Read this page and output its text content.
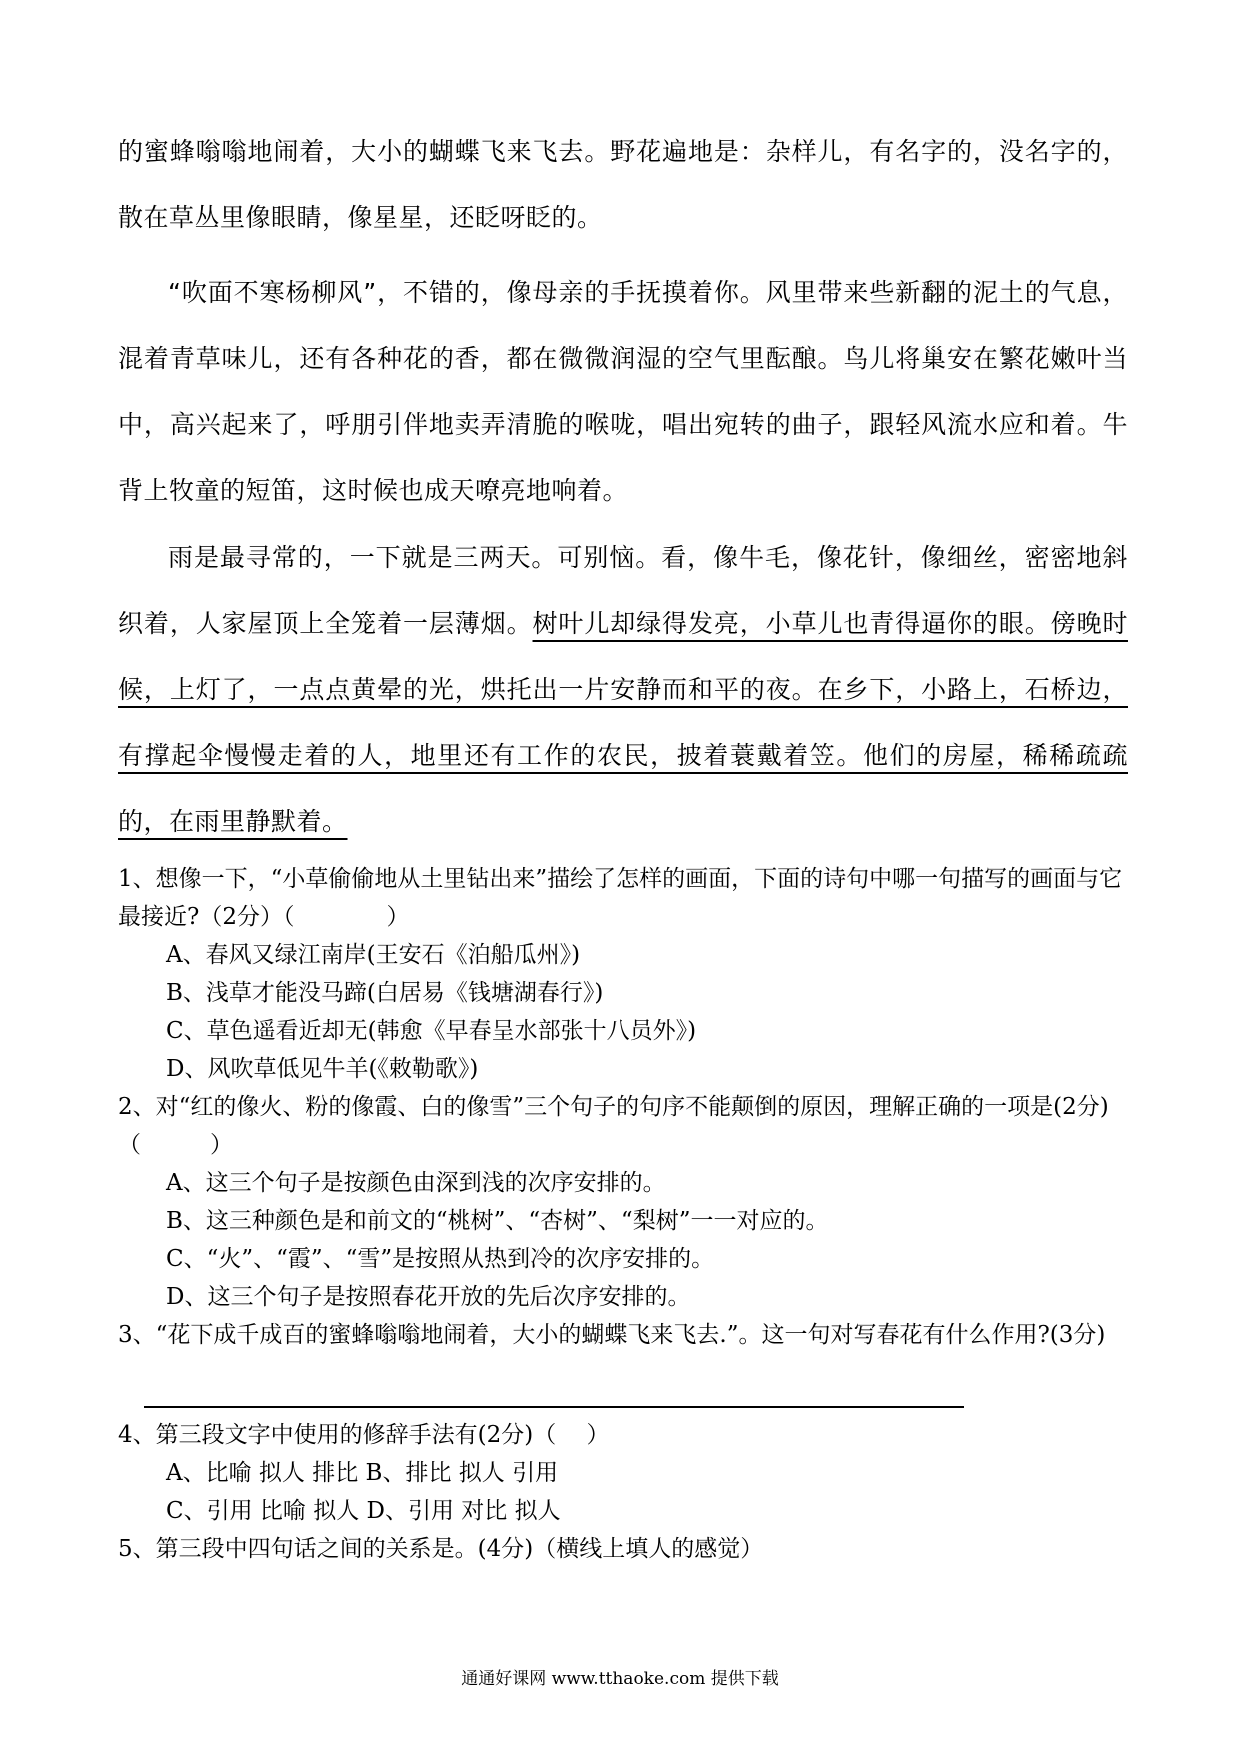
的蜜蜂嗡嗡地闹着，大小的蝴蝶飞来飞去。野花遍地是：杂样儿，有名字的，没名字的，散在草丛里像眼睛，像星星，还眨呀眨的。

“吹面不寒杨柳风”，不错的，像母亲的手抚摸着你。风里带来些新翻的泥土的气息，混着青草味儿，还有各种花的香，都在微微润湿的空气里酝酿。鸟儿将巢安在繁花嫩叶当中，高兴起来了，呼朋引伴地卖弄清脆的喉咙，唱出宛转的曲子，跟轻风流水应和着。牛背上牧童的短笛，这时候也成天嘹亮地响着。

雨是最寻常的，一下就是三两天。可别恼。看，像牛毛，像花针，像细丝，密密地斜织着，人家屋顶上全笼着一层薄烟。树叶儿却绿得发亮，小草儿也青得逼你的眼。傍晚时候，上灯了，一点点黄晕的光，烘托出一片安静而和平的夜。在乡下，小路上，石桥边，有撑起伞慢慢走着的人，地里还有工作的农民，披着蓑戴着笠。他们的房屋，稀稀疏疏的，在雨里静默着。

1、想像一下，“小草偷偷地从土里钻出来”描绘了怎样的画面，下面的诗句中哪一句描写的画面与它最接近?（2分）（　　　　）

A、春风又绿江南岸(王安石《泊船瓜州》)

B、浅草才能没马蹄(白居易《钱塘湖春行》)

C、草色遥看近却无(韩愈《早春呈水部张十八员外》)

D、风吹草低见牛羊(《敕勒歌》)

2、对“红的像火、粉的像霞、白的像雪”三个句子的句序不能颠倒的原因，理解正确的一项是(2分)（　　　）

A、这三个句子是按颜色由深到浅的次序安排的。

B、这三种颜色是和前文的“桃树”、“杏树”、“梨树”一一对应的。

C、“火”、“霞”、“雪”是按照从热到冷的次序安排的。

D、这三个句子是按照春花开放的先后次序安排的。

3、“花下成千成百的蜜蜂嗡嗡地闹着，大小的蝴蝶飞来飞去.”。这一句对写春花有什么作用?(3分)

4、第三段文字中使用的修辞手法有(2分)（　 ）

A、比喻 拟人 排比 B、排比 拟人 引用

C、引用 比喻 拟人 D、引用 对比 拟人

5、第三段中四句话之间的关系是。(4分)（横线上填人的感觉）

通通好课网 www.tthaoke.com 提供下载
